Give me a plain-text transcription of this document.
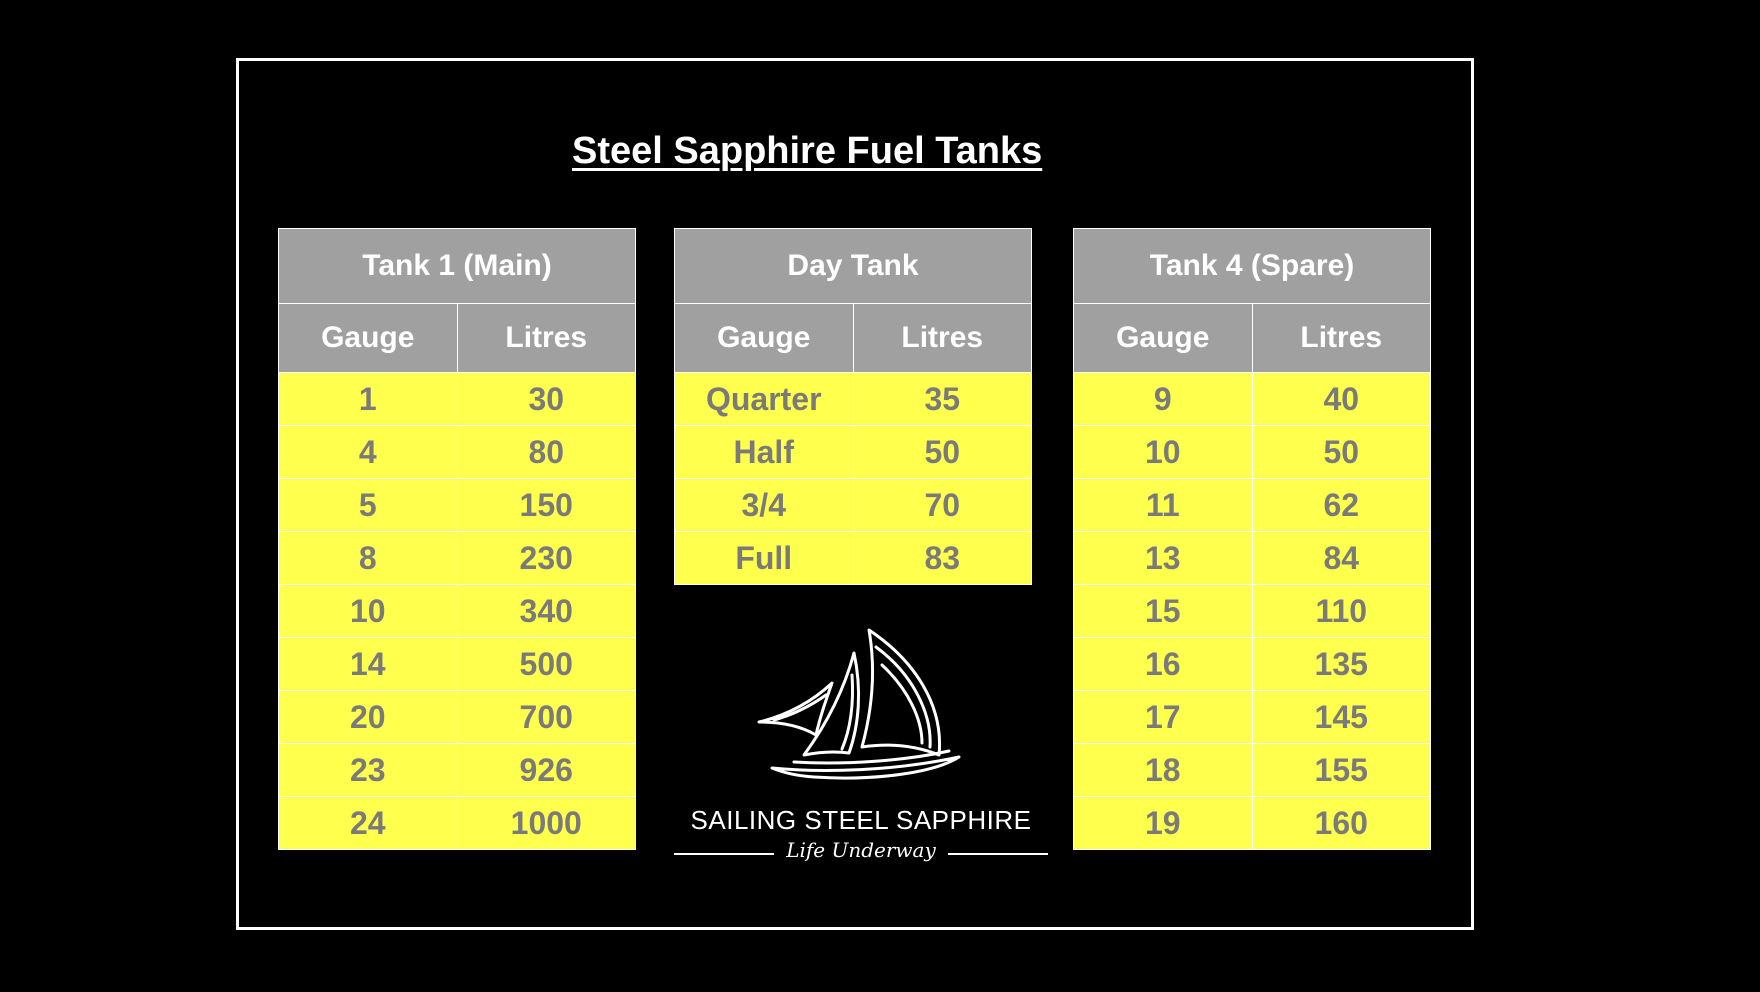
Steel Sapphire Fuel Tanks
Tank 1 (Main)	
Gauge	Litres
1	30
4	80
5	150
8	230
10	340
14	500
20	700
23	926
24	1000
Day Tank	
Gauge	Litres
Quarter	35
Half	50
3/4	70
Full	83
Tank 4 (Spare)	
Gauge	Litres
9	40
10	50
11	62
13	84
15	110
16	135
17	145
18	155
19	160
SAILING STEEL SAPPHIRE
Life Underway
